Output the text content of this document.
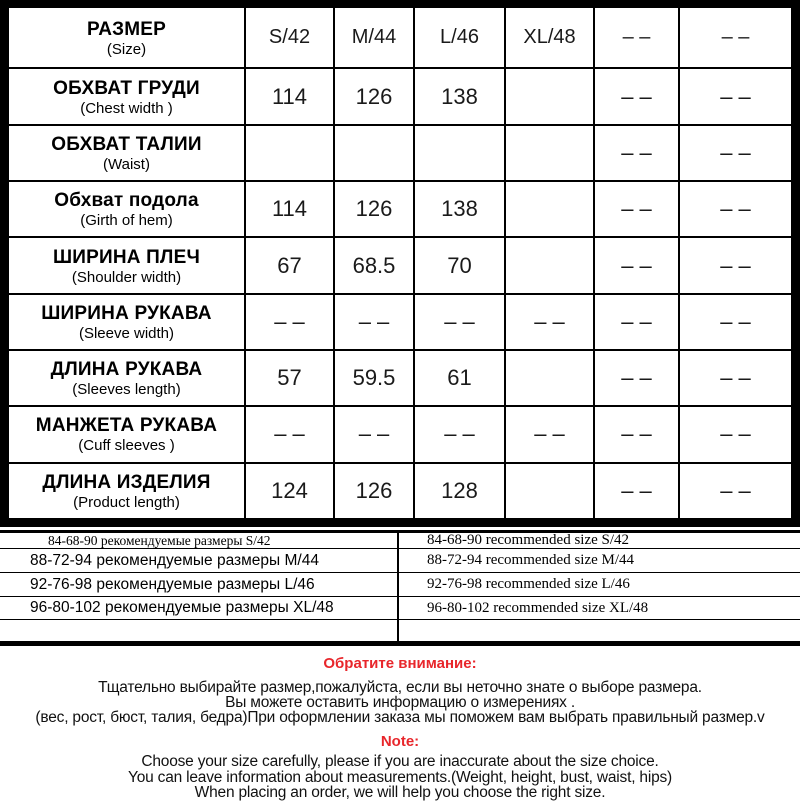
РАЗМЕР
(Size)	S/42	M/44	L/46	XL/48	– –	– –

ОБХВАТ ГРУДИ
(Chest width )	114	126	138		– –	– –

ОБХВАТ ТАЛИИ
(Waist)					– –	– –

Обхват подола
(Girth of hem)	114	126	138		– –	– –

ШИРИНА ПЛЕЧ
(Shoulder width)	67	68.5	70		– –	– –

ШИРИНА РУКАВА
(Sleeve width)	– –	– –	– –	– –	– –	– –

ДЛИНА РУКАВА
(Sleeves length)	57	59.5	61		– –	– –

МАНЖЕТА РУКАВА
(Cuff sleeves )	– –	– –	– –	– –	– –	– –

ДЛИНА ИЗДЕЛИЯ
(Product length)	124	126	128		– –	– –
84-68-90 рекомендуемые размеры S/42	84-68-90 recommended size S/42
88-72-94 рекомендуемые размеры M/44	88-72-94 recommended size M/44
92-76-98 рекомендуемые размеры L/46	92-76-98 recommended size L/46
96-80-102 рекомендуемые размеры XL/48	96-80-102 recommended size XL/48
Обратите внимание:
Тщательно выбирайте размер,пожалуйста, если вы неточно знате о выборе размера.
Вы можете оставить информацию о измерениях .
(вес, рост, бюст, талия, бедра)При оформлении заказа мы поможем вам выбрать правильный размер.v
Note:
Choose your size carefully, please if you are inaccurate about the size choice.
You can leave information about measurements.(Weight, height, bust, waist, hips)
When placing an order, we will help you choose the right size.
